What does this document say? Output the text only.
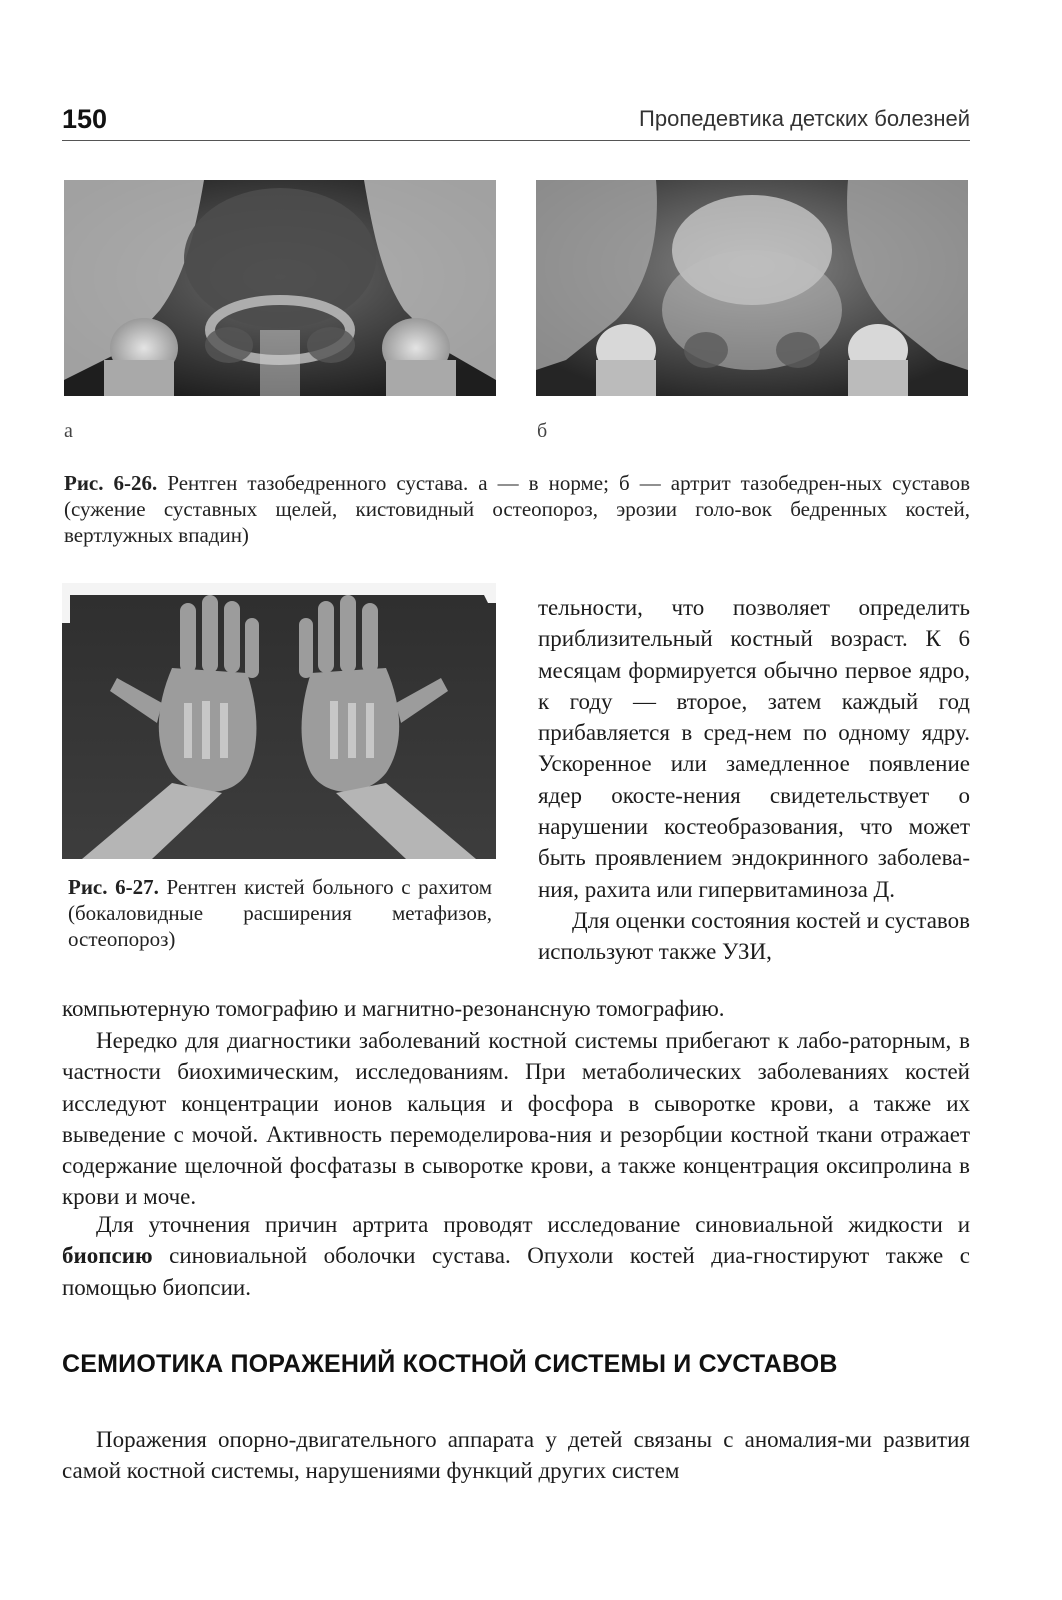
150	Пропедевтика детских болезней
а	б
Рис. 6-26. Рентген тазобедренного сустава. а — в норме; б — артрит тазобедрен-ных суставов (сужение суставных щелей, кистовидный остеопороз, эрозии голо-вок бедренных костей, вертлужных впадин)
Рис. 6-27. Рентген кистей больного с рахитом (бокаловидные расширения метафизов, остеопороз)

тельности, что позволяет определить приблизительный костный возраст. К 6 месяцам формируется обычно первое ядро, к году — второе, затем каждый год прибавляется в сред-нем по одному ядру. Ускоренное или замедленное появление ядер окосте-нения свидетельствует о нарушении костеобразования, что может быть проявлением эндокринного заболева-ния, рахита или гипервитаминоза Д.

Для оценки состояния костей и суставов используют также УЗИ,

компьютерную томографию и магнитно-резонансную томографию.

Нередко для диагностики заболеваний костной системы прибегают к лабо-раторным, в частности биохимическим, исследованиям. При метаболических заболеваниях костей исследуют концентрации ионов кальция и фосфора в сыворотке крови, а также их выведение с мочой. Активность перемоделирова-ния и резорбции костной ткани отражает содержание щелочной фосфатазы в сыворотке крови, а также концентрация оксипролина в крови и моче.

Для уточнения причин артрита проводят исследование синовиальной жидкости и биопсию синовиальной оболочки сустава. Опухоли костей диа-гностируют также с помощью биопсии.

СЕМИОТИКА ПОРАЖЕНИЙ КОСТНОЙ СИСТЕМЫ И СУСТАВОВ

Поражения опорно-двигательного аппарата у детей связаны с аномалия-ми развития самой костной системы, нарушениями функций других систем
